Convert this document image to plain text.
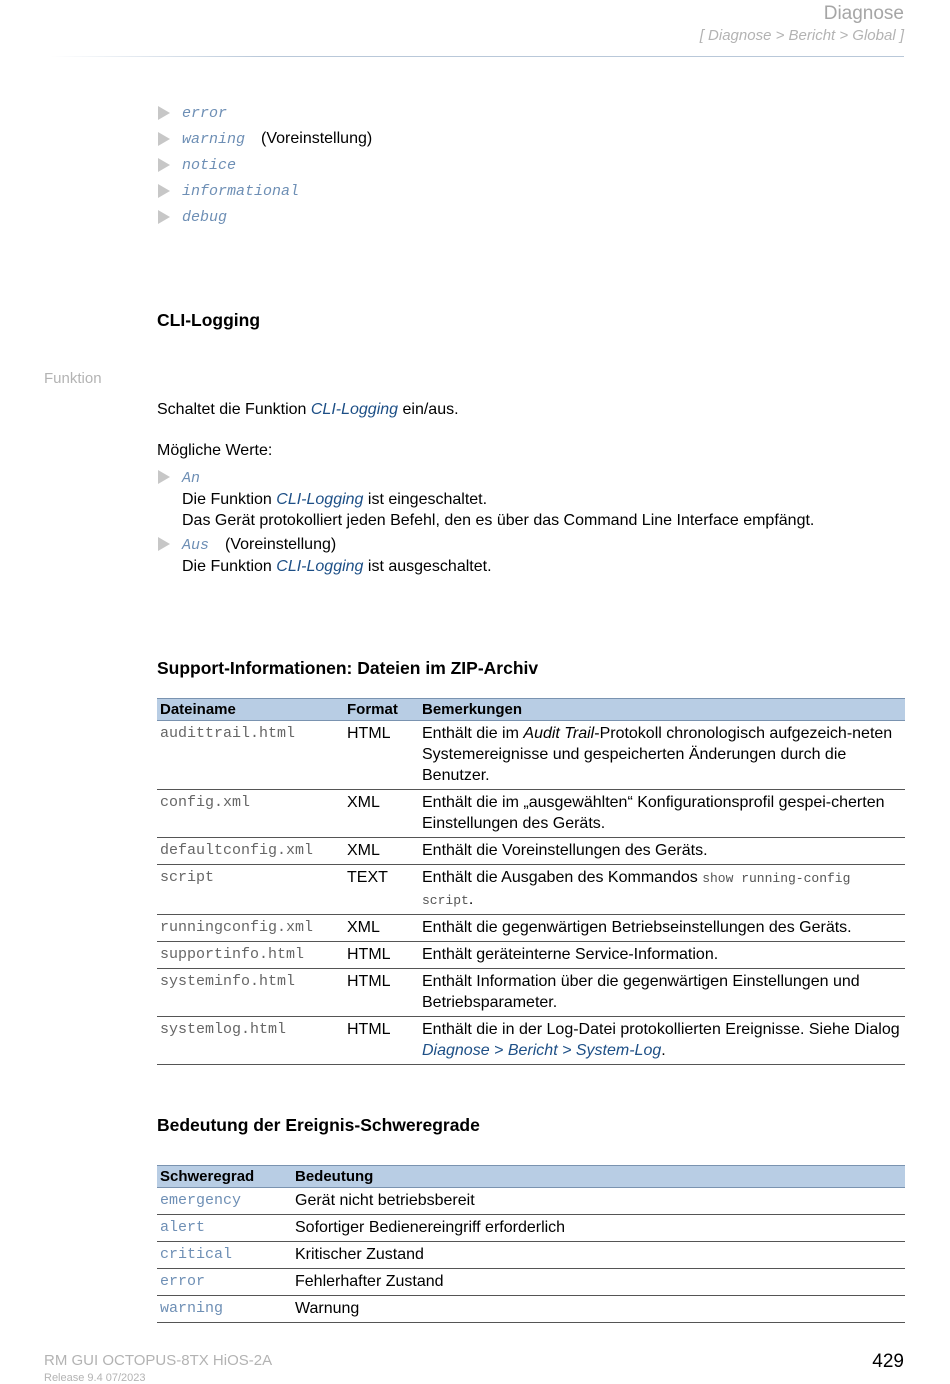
Diagnose
[ Diagnose > Bericht > Global ]
error
warning (Voreinstellung)
notice
informational
debug
CLI-Logging
Funktion
Schaltet die Funktion CLI-Logging ein/aus.
Mögliche Werte:
An
Die Funktion CLI-Logging ist eingeschaltet.
Das Gerät protokolliert jeden Befehl, den es über das Command Line Interface empfängt.
Aus (Voreinstellung)
Die Funktion CLI-Logging ist ausgeschaltet.
Support-Informationen: Dateien im ZIP-Archiv
Dateiname	Format	Bemerkungen
audittrail.html	HTML	Enthält die im Audit Trail-Protokoll chronologisch aufgezeich-neten Systemereignisse und gespeicherten Änderungen durch die Benutzer.
config.xml	XML	Enthält die im „ausgewählten“ Konfigurationsprofil gespei-cherten Einstellungen des Geräts.
defaultconfig.xml	XML	Enthält die Voreinstellungen des Geräts.
script	TEXT	Enthält die Ausgaben des Kommandos show running-config script.
runningconfig.xml	XML	Enthält die gegenwärtigen Betriebseinstellungen des Geräts.
supportinfo.html	HTML	Enthält geräteinterne Service-Information.
systeminfo.html	HTML	Enthält Information über die gegenwärtigen Einstellungen und Betriebsparameter.
systemlog.html	HTML	Enthält die in der Log-Datei protokollierten Ereignisse. Siehe Dialog Diagnose > Bericht > System-Log.
Bedeutung der Ereignis-Schweregrade
Schweregrad	Bedeutung
emergency	Gerät nicht betriebsbereit
alert	Sofortiger Bedienereingriff erforderlich
critical	Kritischer Zustand
error	Fehlerhafter Zustand
warning	Warnung
RM GUI OCTOPUS-8TX HiOS-2A
Release 9.4 07/2023
429
